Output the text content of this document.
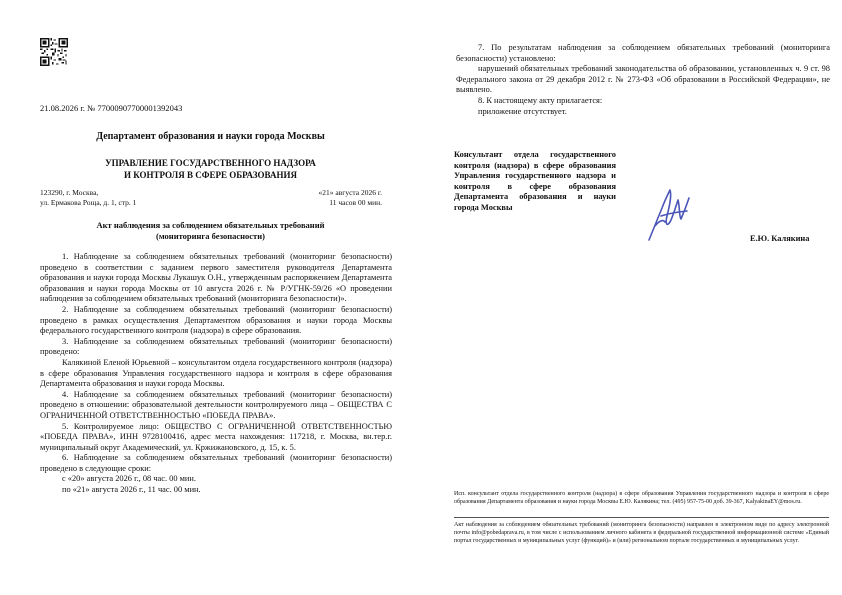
21.08.2026 г. № 77000907700001392043
Департамент образования и науки города Москвы
УПРАВЛЕНИЕ ГОСУДАРСТВЕННОГО НАДЗОРА
И КОНТРОЛЯ В СФЕРЕ ОБРАЗОВАНИЯ
123290, г. Москва,
ул. Ермакова Роща, д. 1, стр. 1
«21» августа 2026 г.
11 часов 00 мин.
Акт наблюдения за соблюдением обязательных требований
(мониторинга безопасности)

1. Наблюдение за соблюдением обязательных требований (мониторинг безопасности) проведено в соответствии с заданием первого заместителя руководителя Департамента образования и науки города Москвы Лукашук О.Н., утвержденным распоряжением Департамента образования и науки города Москвы от 10 августа 2026 г. № Р/УГНК-59/26 «О проведении наблюдения за соблюдением обязательных требований (мониторинга безопасности)».

2. Наблюдение за соблюдением обязательных требований (мониторинг безопасности) проведено в рамках осуществления Департаментом образования и науки города Москвы федерального государственного контроля (надзора) в сфере образования.

3. Наблюдение за соблюдением обязательных требований (мониторинг безопасности) проведено:

Калякиной Еленой Юрьевной – консультантом отдела государственного контроля (надзора) в сфере образования Управления государственного надзора и контроля в сфере образования Департамента образования и науки города Москвы.

4. Наблюдение за соблюдением обязательных требований (мониторинг безопасности) проведено в отношении: образовательной деятельности контролируемого лица – ОБЩЕСТВА С ОГРАНИЧЕННОЙ ОТВЕТСТВЕННОСТЬЮ «ПОБЕДА ПРАВА».

5. Контролируемое лицо: ОБЩЕСТВО С ОГРАНИЧЕННОЙ ОТВЕТСТВЕННОСТЬЮ «ПОБЕДА ПРАВА», ИНН 9728100416, адрес места нахождения: 117218, г. Москва, вн.тер.г. муниципальный округ Академический, ул. Кржижановского, д. 15, к. 5.

6. Наблюдение за соблюдением обязательных требований (мониторинг безопасности) проведено в следующие сроки:

с «20» августа 2026 г., 08 час. 00 мин.

по «21» августа 2026 г., 11 час. 00 мин.

7. По результатам наблюдения за соблюдением обязательных требований (мониторинга безопасности) установлено:

нарушений обязательных требований законодательства об образовании, установленных ч. 9 ст. 98 Федерального закона от 29 декабря 2012 г. № 273-ФЗ «Об образовании в Российской Федерации», не выявлено.

8. К настоящему акту прилагается:

приложение отсутствует.

Консультант отдела государственного контроля (надзора) в сфере образования Управления государственного надзора и контроля в сфере образования Департамента образования и науки города Москвы
Е.Ю. Калякина
Исп. консультант отдела государственного контроля (надзора) в сфере образования Управления государственного надзора и контроля в сфере образования Департамента образования и науки города Москвы Е.Ю. Калякина; тел. (495) 957-75-00 доб. 39-367, KalyakinaEY@mos.ru.
Акт наблюдения за соблюдением обязательных требований (мониторинга безопасности) направлен в электронном виде по адресу электронной почты info@pobedaprava.ru, в том числе с использованием личного кабинета в федеральной государственной информационной системе «Единый портал государственных и муниципальных услуг (функций)» и (или) региональном портале государственных и муниципальных услуг.
